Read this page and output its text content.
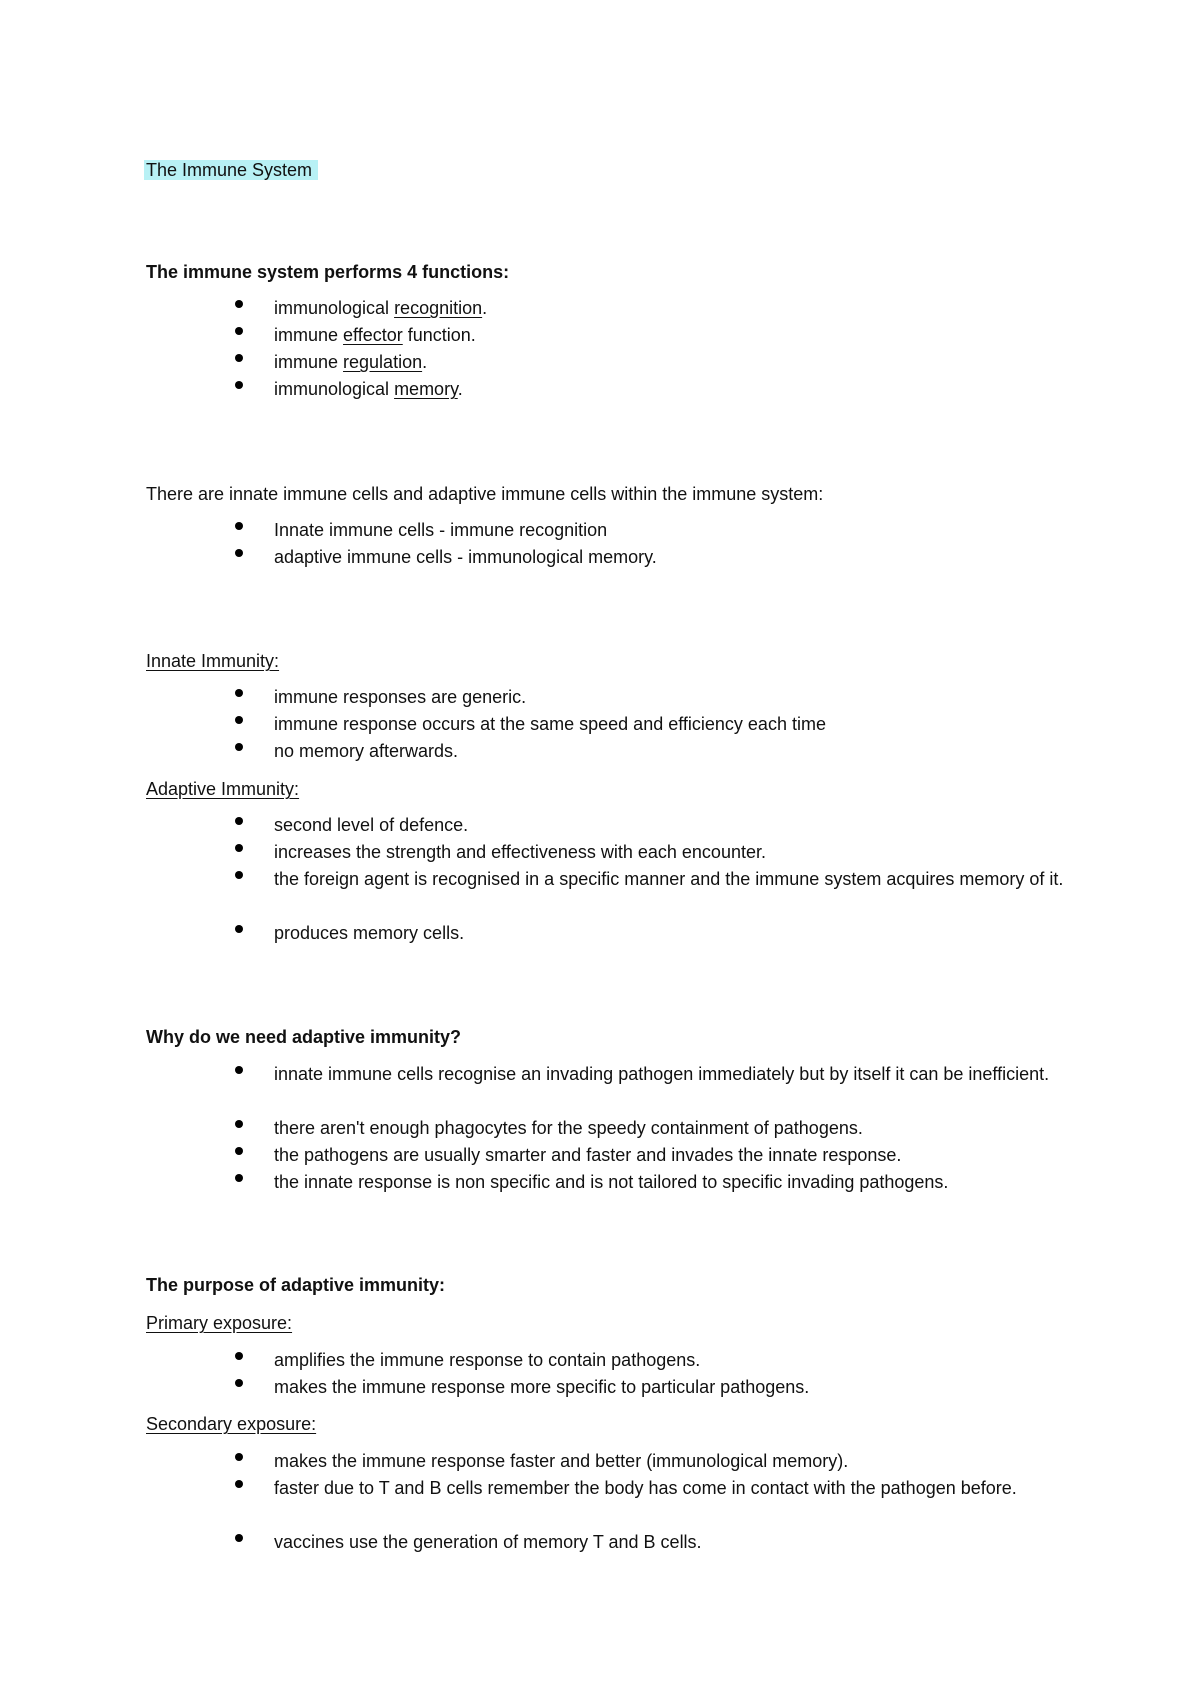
The Immune System
The immune system performs 4 functions:
immunological recognition.
immune effector function.
immune regulation.
immunological memory.
There are innate immune cells and adaptive immune cells within the immune system:
Innate immune cells - immune recognition
adaptive immune cells - immunological memory.
Innate Immunity:
immune responses are generic.
immune response occurs at the same speed and efficiency each time
no memory afterwards.
Adaptive Immunity:
second level of defence.
increases the strength and effectiveness with each encounter.
the foreign agent is recognised in a specific manner and the immune system acquires memory of it.
produces memory cells.
Why do we need adaptive immunity?
innate immune cells recognise an invading pathogen immediately but by itself it can be inefficient.
there aren't enough phagocytes for the speedy containment of pathogens.
the pathogens are usually smarter and faster and invades the innate response.
the innate response is non specific and is not tailored to specific invading pathogens.
The purpose of adaptive immunity:
Primary exposure:
amplifies the immune response to contain pathogens.
makes the immune response more specific to particular pathogens.
Secondary exposure:
makes the immune response faster and better (immunological memory).
faster due to T and B cells remember the body has come in contact with the pathogen before.
vaccines use the generation of memory T and B cells.
